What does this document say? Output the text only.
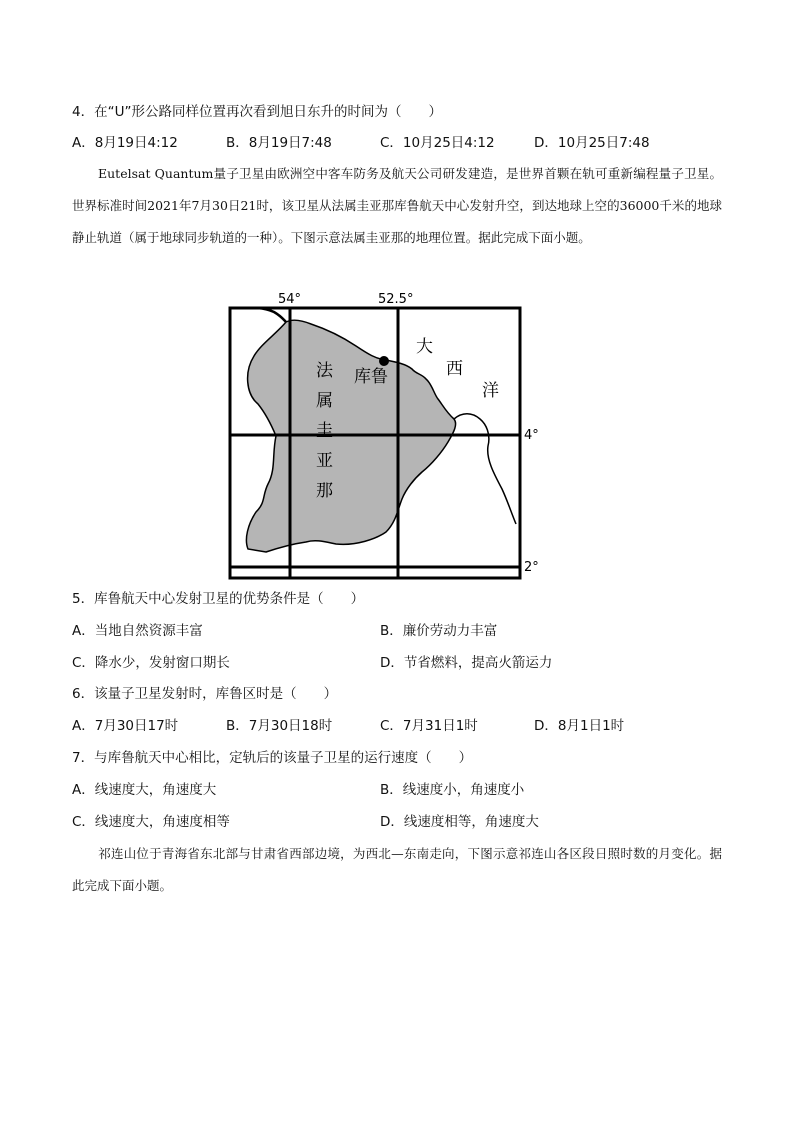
4．在“U”形公路同样位置再次看到旭日东升的时间为（　　）
A．8月19日4:12	B．8月19日7:48	C．10月25日4:12	D．10月25日7:48
Eutelsat Quantum量子卫星由欧洲空中客车防务及航天公司研发建造，是世界首颗在轨可重新编程量子卫星。世界标准时间2021年7月30日21时，该卫星从法属圭亚那库鲁航天中心发射升空，到达地球上空的36000千米的地球静止轨道（属于地球同步轨道的一种）。下图示意法属圭亚那的地理位置。据此完成下面小题。
54°	52.5°
4°
2°
库鲁
法
属
圭
亚
那
大
西
洋
5．库鲁航天中心发射卫星的优势条件是（　　）
A．当地自然资源丰富	B．廉价劳动力丰富
C．降水少，发射窗口期长	D．节省燃料，提高火箭运力
6．该量子卫星发射时，库鲁区时是（　　）
A．7月30日17时	B．7月30日18时	C．7月31日1时	D．8月1日1时
7．与库鲁航天中心相比，定轨后的该量子卫星的运行速度（　　）
A．线速度大，角速度大	B．线速度小，角速度小
C．线速度大，角速度相等	D．线速度相等，角速度大
祁连山位于青海省东北部与甘肃省西部边境，为西北—东南走向，下图示意祁连山各区段日照时数的月变化。据此完成下面小题。
